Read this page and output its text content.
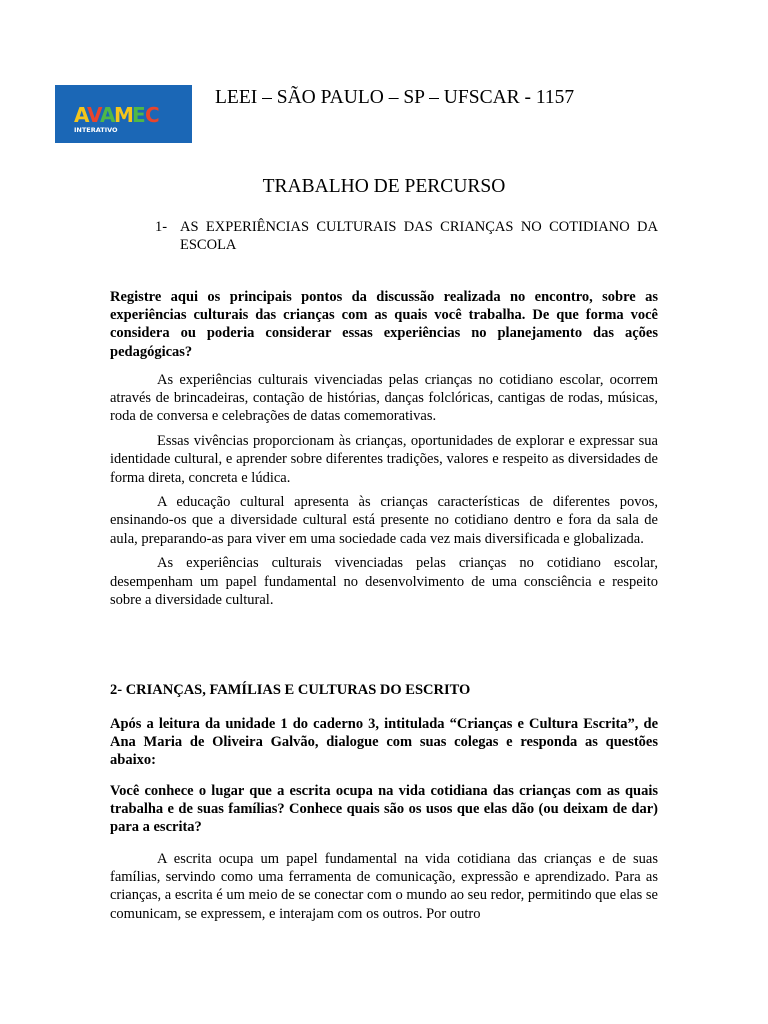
A
V
A
M
E C
INTERATIVO
LEEI – SÃO PAULO – SP – UFSCAR - 1157
TRABALHO DE PERCURSO
1- AS EXPERIÊNCIAS CULTURAIS DAS CRIANÇAS NO COTIDIANO DA ESCOLA
Registre aqui os principais pontos da discussão realizada no encontro, sobre as experiências culturais das crianças com as quais você trabalha. De que forma você considera ou poderia considerar essas experiências no planejamento das ações pedagógicas?

As experiências culturais vivenciadas pelas crianças no cotidiano escolar, ocorrem através de brincadeiras, contação de histórias, danças folclóricas, cantigas de rodas, músicas, roda de conversa e celebrações de datas comemorativas.

Essas vivências proporcionam às crianças, oportunidades de explorar e expressar sua identidade cultural, e aprender sobre diferentes tradições, valores e respeito as diversidades de forma direta, concreta e lúdica.

A educação cultural apresenta às crianças características de diferentes povos, ensinando-os que a diversidade cultural está presente no cotidiano dentro e fora da sala de aula, preparando-as para viver em uma sociedade cada vez mais diversificada e globalizada.

As experiências culturais vivenciadas pelas crianças no cotidiano escolar, desempenham um papel fundamental no desenvolvimento de uma consciência e respeito sobre a diversidade cultural.

2- CRIANÇAS, FAMÍLIAS E CULTURAS DO ESCRITO
Após a leitura da unidade 1 do caderno 3, intitulada “Crianças e Cultura Escrita”, de Ana Maria de Oliveira Galvão, dialogue com suas colegas e responda as questões abaixo:
Você conhece o lugar que a escrita ocupa na vida cotidiana das crianças com as quais trabalha e de suas famílias? Conhece quais são os usos que elas dão (ou deixam de dar) para a escrita?

A escrita ocupa um papel fundamental na vida cotidiana das crianças e de suas famílias, servindo como uma ferramenta de comunicação, expressão e aprendizado. Para as crianças, a escrita é um meio de se conectar com o mundo ao seu redor, permitindo que elas se comunicam, se expressem, e interajam com os outros. Por outro
